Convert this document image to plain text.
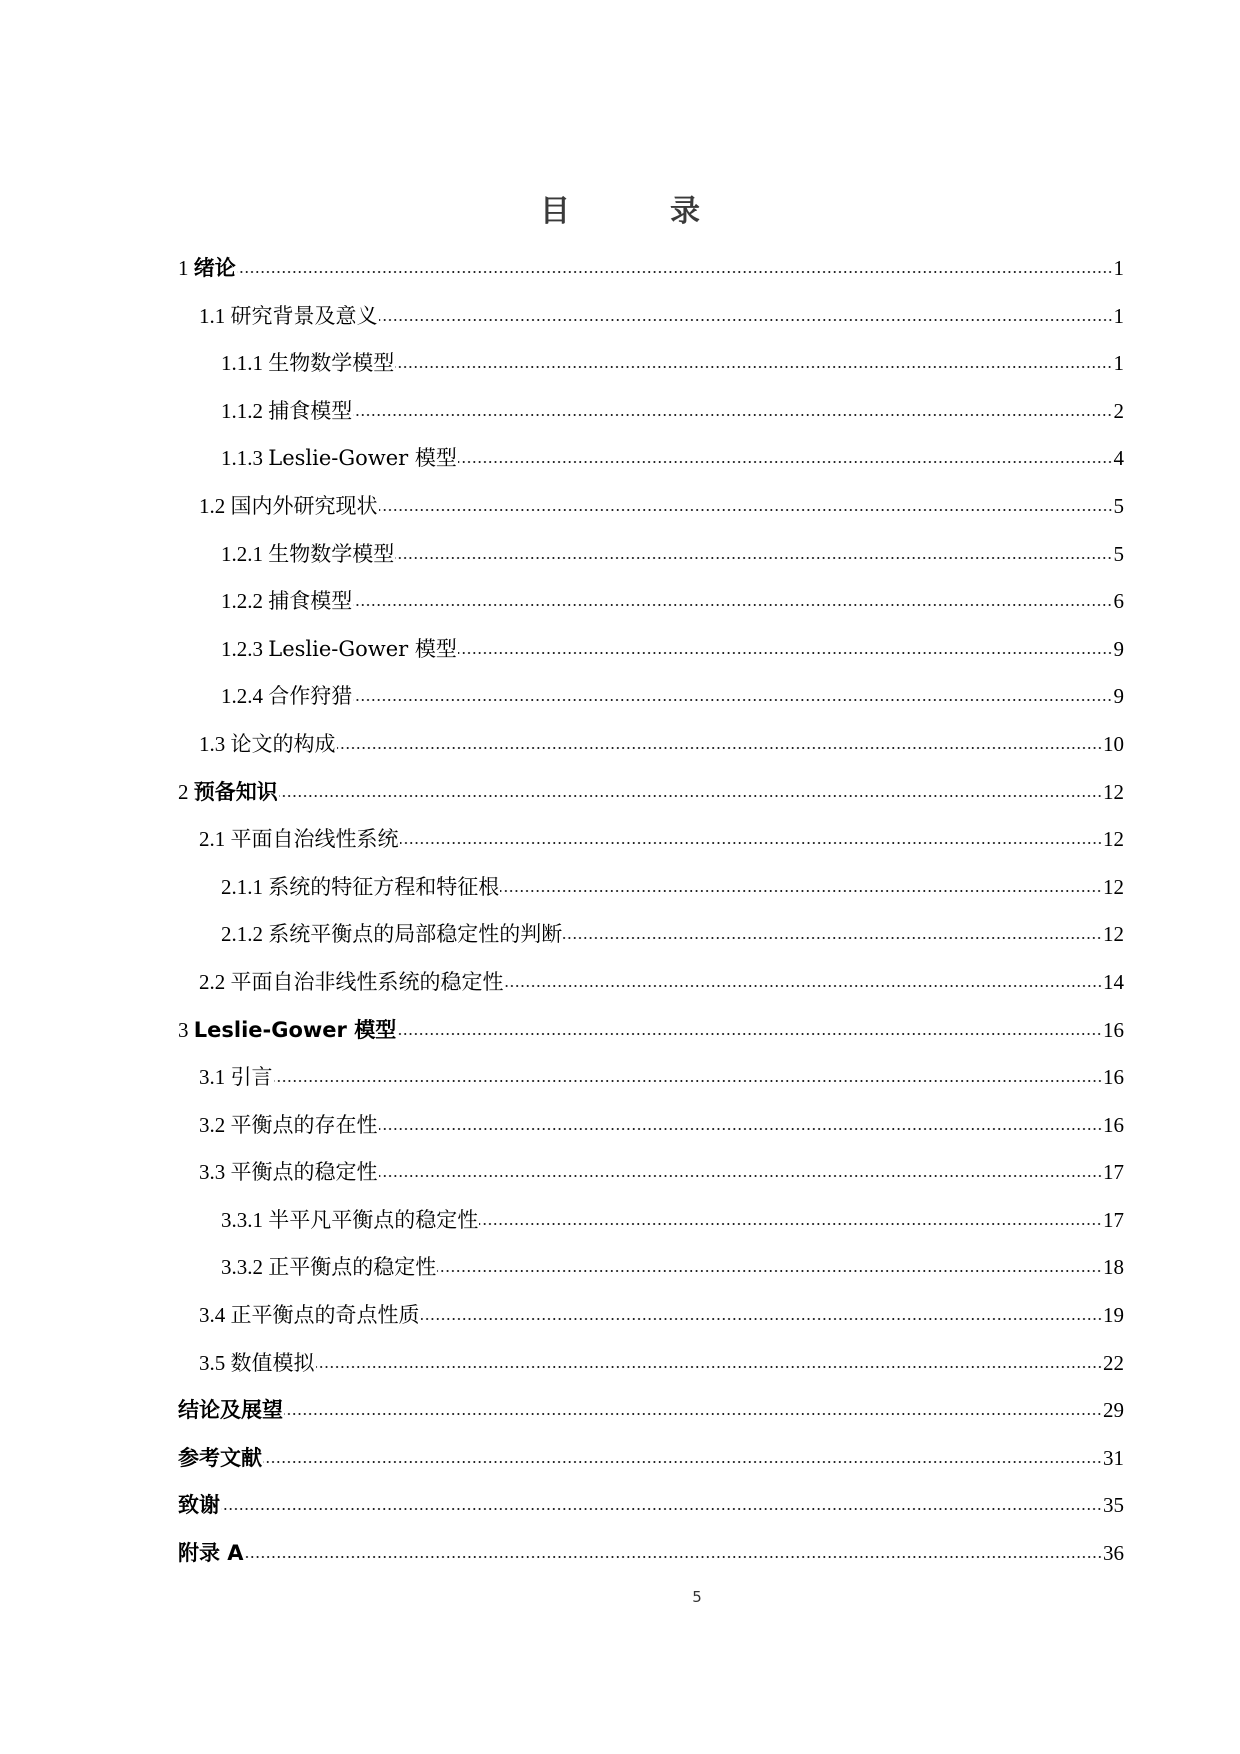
目	录
1 绪论	1
1.1 研究背景及意义	1
1.1.1 生物数学模型	1
1.1.2 捕食模型	2
1.1.3 Leslie-Gower 模型	4
1.2 国内外研究现状	5
1.2.1 生物数学模型	5
1.2.2 捕食模型	6
1.2.3 Leslie-Gower 模型	9
1.2.4 合作狩猎	9
1.3 论文的构成	10
2 预备知识	12
2.1 平面自治线性系统	12
2.1.1 系统的特征方程和特征根	12
2.1.2 系统平衡点的局部稳定性的判断	12
2.2 平面自治非线性系统的稳定性	14
3 Leslie-Gower 模型	16
3.1 引言	16
3.2 平衡点的存在性	16
3.3 平衡点的稳定性	17
3.3.1 半平凡平衡点的稳定性	17
3.3.2 正平衡点的稳定性	18
3.4 正平衡点的奇点性质	19
3.5 数值模拟	22
结论及展望	29
参考文献	31
致谢	35
附录 A	36
5
